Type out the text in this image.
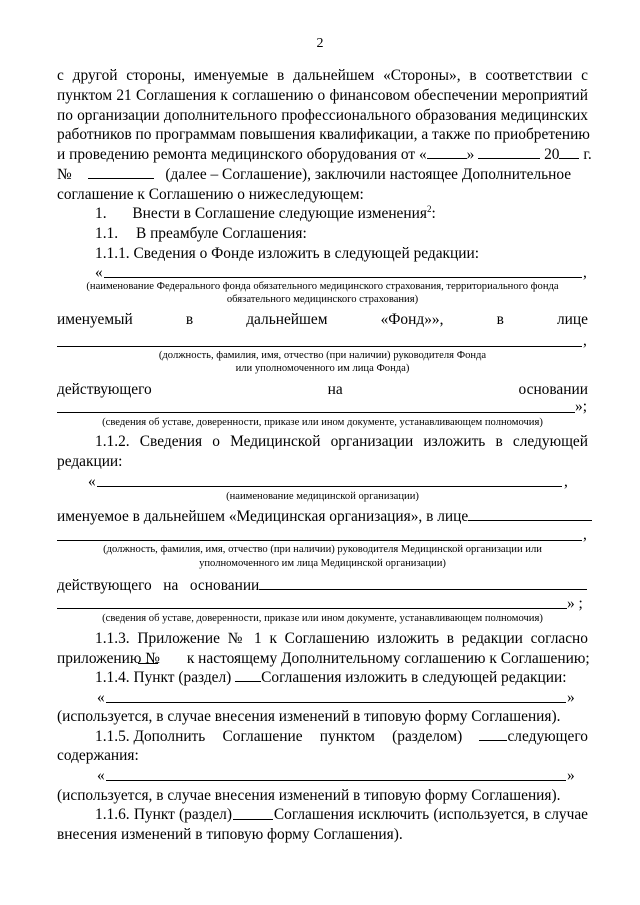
2
с другой стороны, именуемые в дальнейшем «Стороны», в соответствии с
пунктом 21 Соглашения к соглашению о финансовом обеспечении мероприятий
по организации дополнительного профессионального образования медицинских
работников по программам повышения квалификации, а также по приобретению
и проведению ремонта медицинского оборудования от «	»	20 г.
№	(далее – Соглашение), заключили настоящее Дополнительное
соглашение к Соглашению о нижеследующем:
1. Внести в Соглашение следующие изменения$^2$:
1.1. В преамбуле Соглашения:
1.1.1. Сведения о Фонде изложить в следующей редакции:
«	,
(наименование Федерального фонда обязательного медицинского страхования, территориального фонда
обязательного медицинского страхования)
именуемый	в	дальнейшем	«Фонд»»,	в	лице
,
(должность, фамилия, имя, отчество (при наличии) руководителя Фонда
или уполномоченного им лица Фонда)
действующего	на	основании
»;
(сведения об уставе, доверенности, приказе или ином документе, устанавливающем полномочия)
1.1.2. Сведения о Медицинской организации изложить в следующей
редакции:
«	,
(наименование медицинской организации)
именуемое в дальнейшем «Медицинская организация», в лице
,
(должность, фамилия, имя, отчество (при наличии) руководителя Медицинской организации или
уполномоченного им лица Медицинской организации)
действующего   на   основании
» ;
(сведения об уставе, доверенности, приказе или ином документе, устанавливающем полномочия)
1.1.3. Приложение № 1 к Соглашению изложить в редакции согласно
приложению №       к настоящему Дополнительному соглашению к Соглашению;
1.1.4. Пункт (раздел) Соглашения изложить в следующей редакции:
«	»
(используется, в случае внесения изменений в типовую форму Соглашения).
1.1.5. Дополнить Соглашение пунктом (разделом)	следующего
содержания:
«	»
(используется, в случае внесения изменений в типовую форму Соглашения).
1.1.6. Пункт (раздел)          Соглашения исключить (используется, в случае
внесения изменений в типовую форму Соглашения).
